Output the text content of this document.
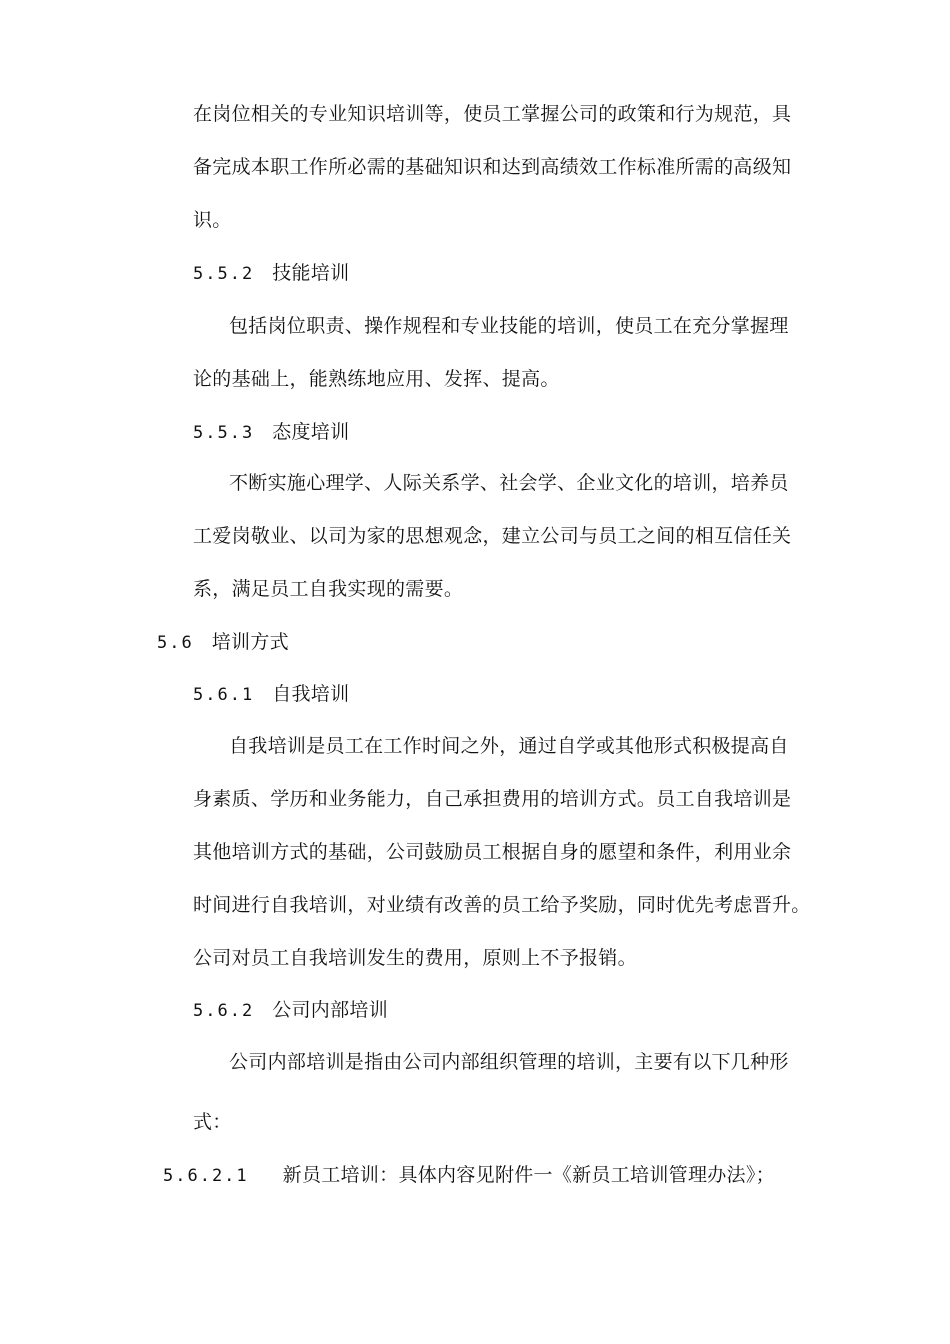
在岗位相关的专业知识培训等，使员工掌握公司的政策和行为规范，具
备完成本职工作所必需的基础知识和达到高绩效工作标准所需的高级知
识。
5.5.2 技能培训
包括岗位职责、操作规程和专业技能的培训，使员工在充分掌握理
论的基础上，能熟练地应用、发挥、提高。
5.5.3 态度培训
不断实施心理学、人际关系学、社会学、企业文化的培训，培养员
工爱岗敬业、以司为家的思想观念，建立公司与员工之间的相互信任关
系，满足员工自我实现的需要。
5.6 培训方式
5.6.1 自我培训
自我培训是员工在工作时间之外，通过自学或其他形式积极提高自
身素质、学历和业务能力，自己承担费用的培训方式。员工自我培训是
其他培训方式的基础，公司鼓励员工根据自身的愿望和条件，利用业余
时间进行自我培训，对业绩有改善的员工给予奖励，同时优先考虑晋升。
公司对员工自我培训发生的费用，原则上不予报销。
5.6.2 公司内部培训
公司内部培训是指由公司内部组织管理的培训，主要有以下几种形
式：
5.6.2.1 新员工培训：具体内容见附件一《新员工培训管理办法》；
